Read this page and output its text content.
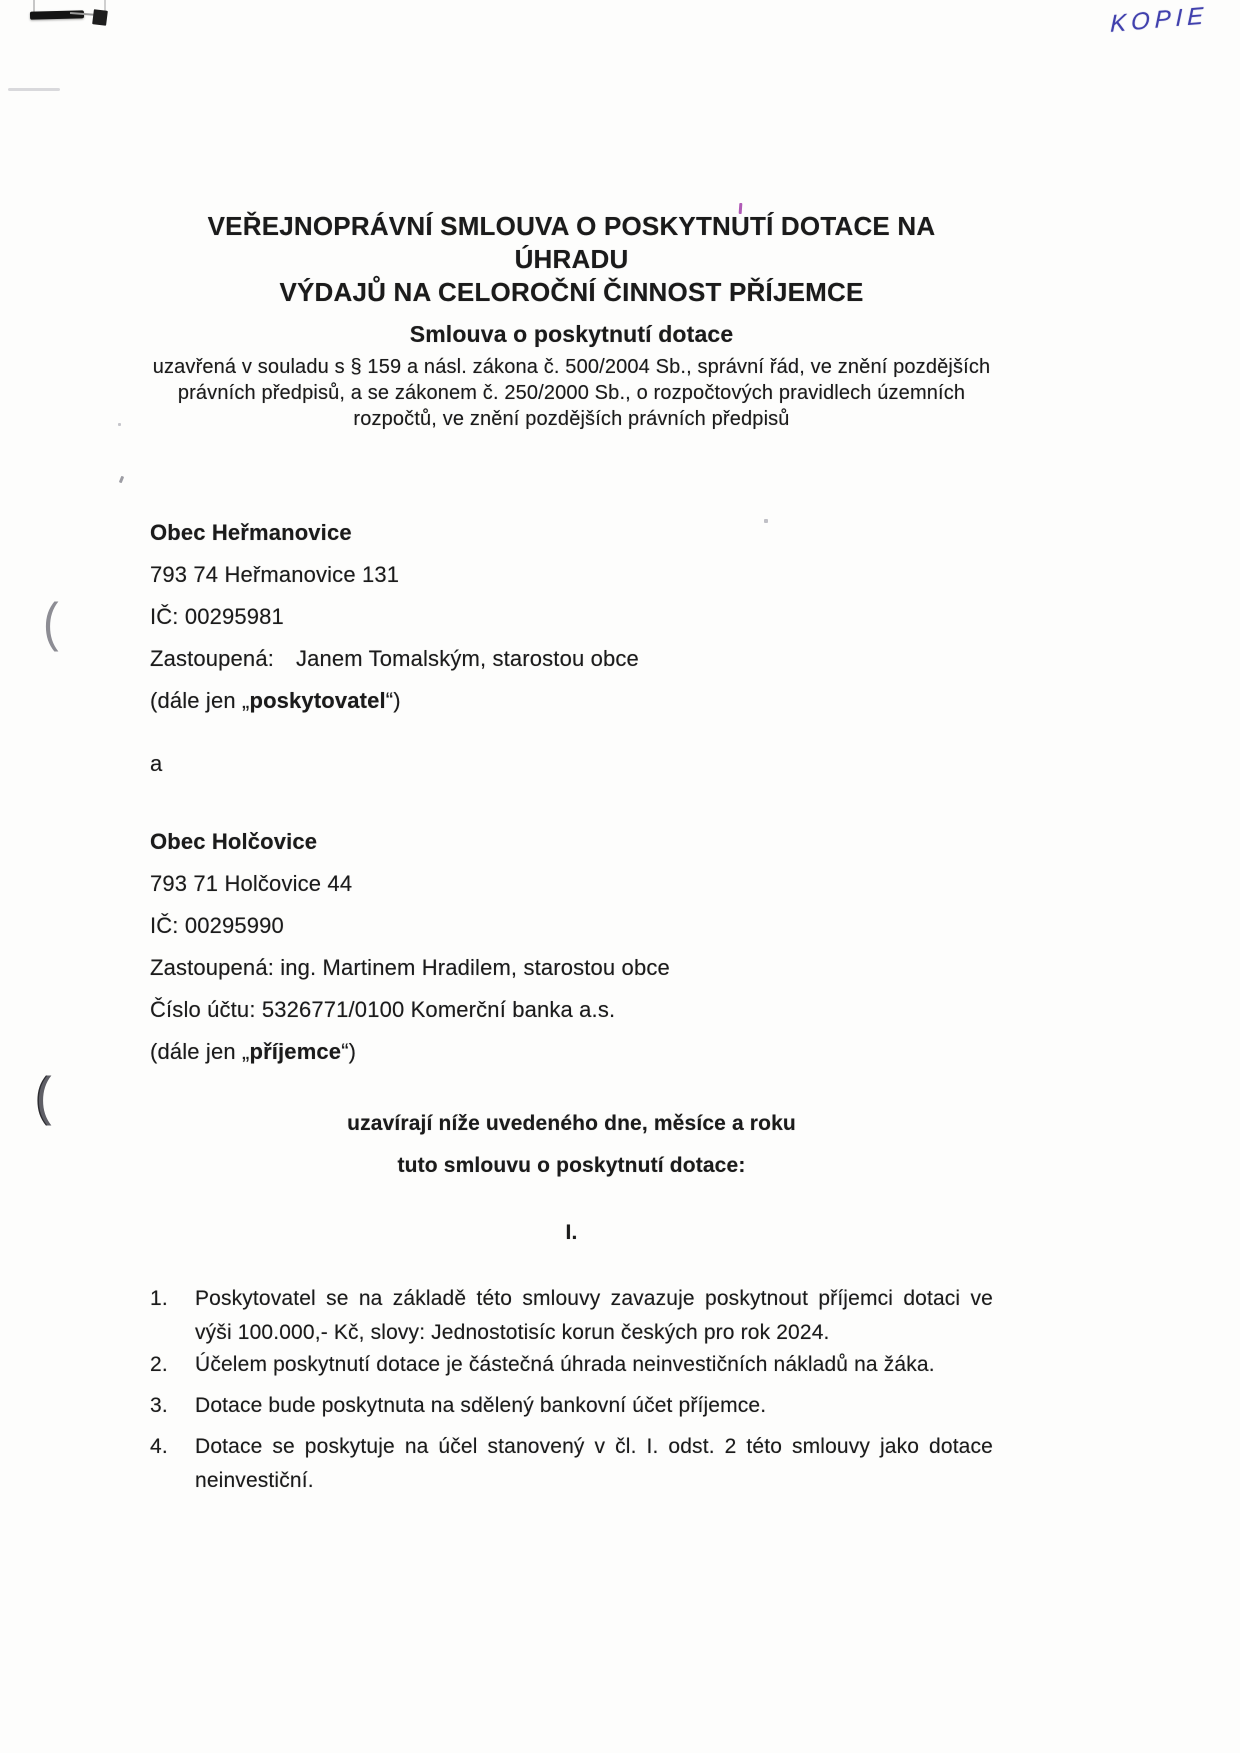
KOPIE
(
(
VEŘEJNOPRÁVNÍ SMLOUVA O POSKYTNUTÍ DOTACE NA ÚHRADU
VÝDAJŮ NA CELOROČNÍ ČINNOST PŘÍJEMCE
Smlouva o poskytnutí dotace
uzavřená v souladu s § 159 a násl. zákona č. 500/2004 Sb., správní řád, ve znění pozdějších
právních předpisů, a se zákonem č. 250/2000 Sb., o rozpočtových pravidlech územních
rozpočtů, ve znění pozdějších právních předpisů
Obec Heřmanovice
793 74 Heřmanovice 131
IČ: 00295981
Zastoupená: Janem Tomalským, starostou obce
(dále jen „poskytovatel“)
a
Obec Holčovice
793 71 Holčovice 44
IČ: 00295990
Zastoupená: ing. Martinem Hradilem, starostou obce
Číslo účtu: 5326771/0100 Komerční banka a.s.
(dále jen „příjemce“)
uzavírají níže uvedeného dne, měsíce a roku
tuto smlouvu o poskytnutí dotace:
I.
1. Poskytovatel se na základě této smlouvy zavazuje poskytnout příjemci dotaci ve
výši 100.000,- Kč, slovy: Jednostotisíc korun českých pro rok 2024.
2. Účelem poskytnutí dotace je částečná úhrada neinvestičních nákladů na žáka.
3. Dotace bude poskytnuta na sdělený bankovní účet příjemce.
4. Dotace se poskytuje na účel stanovený v čl. I. odst. 2 této smlouvy jako dotace
neinvestiční.
